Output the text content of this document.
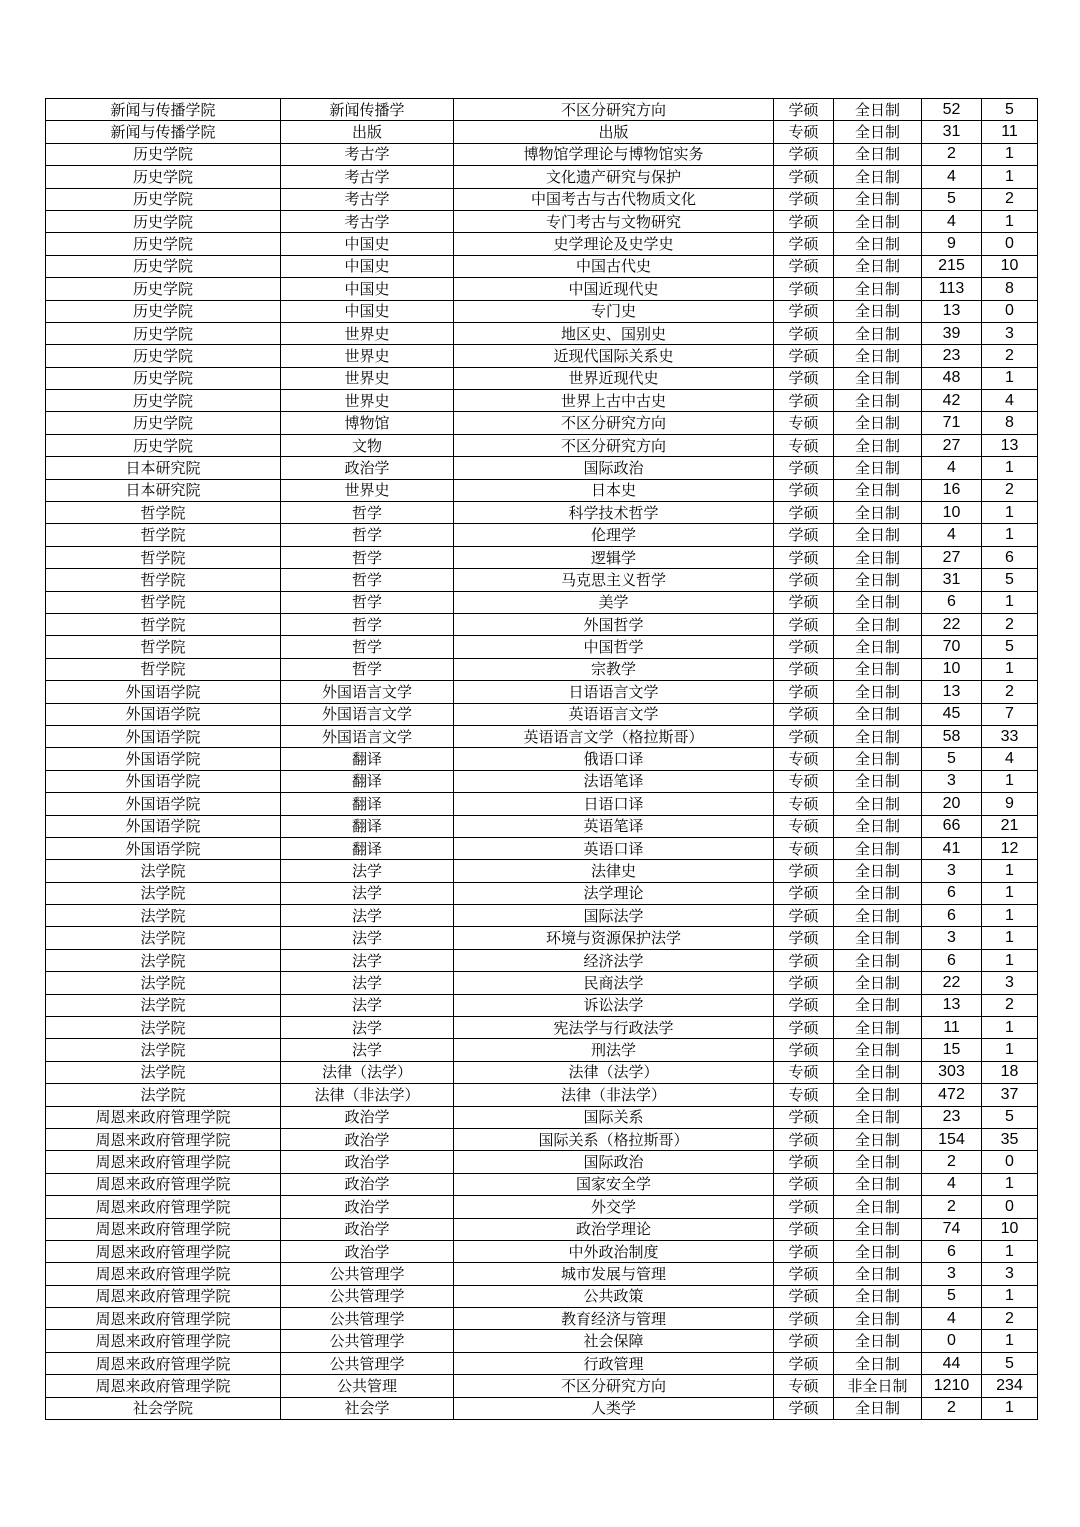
新闻与传播学院	新闻传播学	不区分研究方向	学硕	全日制	52	5
新闻与传播学院	出版	出版	专硕	全日制	31	11
历史学院	考古学	博物馆学理论与博物馆实务	学硕	全日制	2	1
历史学院	考古学	文化遗产研究与保护	学硕	全日制	4	1
历史学院	考古学	中国考古与古代物质文化	学硕	全日制	5	2
历史学院	考古学	专门考古与文物研究	学硕	全日制	4	1
历史学院	中国史	史学理论及史学史	学硕	全日制	9	0
历史学院	中国史	中国古代史	学硕	全日制	215	10
历史学院	中国史	中国近现代史	学硕	全日制	113	8
历史学院	中国史	专门史	学硕	全日制	13	0
历史学院	世界史	地区史、国别史	学硕	全日制	39	3
历史学院	世界史	近现代国际关系史	学硕	全日制	23	2
历史学院	世界史	世界近现代史	学硕	全日制	48	1
历史学院	世界史	世界上古中古史	学硕	全日制	42	4
历史学院	博物馆	不区分研究方向	专硕	全日制	71	8
历史学院	文物	不区分研究方向	专硕	全日制	27	13
日本研究院	政治学	国际政治	学硕	全日制	4	1
日本研究院	世界史	日本史	学硕	全日制	16	2
哲学院	哲学	科学技术哲学	学硕	全日制	10	1
哲学院	哲学	伦理学	学硕	全日制	4	1
哲学院	哲学	逻辑学	学硕	全日制	27	6
哲学院	哲学	马克思主义哲学	学硕	全日制	31	5
哲学院	哲学	美学	学硕	全日制	6	1
哲学院	哲学	外国哲学	学硕	全日制	22	2
哲学院	哲学	中国哲学	学硕	全日制	70	5
哲学院	哲学	宗教学	学硕	全日制	10	1
外国语学院	外国语言文学	日语语言文学	学硕	全日制	13	2
外国语学院	外国语言文学	英语语言文学	学硕	全日制	45	7
外国语学院	外国语言文学	英语语言文学（格拉斯哥）	学硕	全日制	58	33
外国语学院	翻译	俄语口译	专硕	全日制	5	4
外国语学院	翻译	法语笔译	专硕	全日制	3	1
外国语学院	翻译	日语口译	专硕	全日制	20	9
外国语学院	翻译	英语笔译	专硕	全日制	66	21
外国语学院	翻译	英语口译	专硕	全日制	41	12
法学院	法学	法律史	学硕	全日制	3	1
法学院	法学	法学理论	学硕	全日制	6	1
法学院	法学	国际法学	学硕	全日制	6	1
法学院	法学	环境与资源保护法学	学硕	全日制	3	1
法学院	法学	经济法学	学硕	全日制	6	1
法学院	法学	民商法学	学硕	全日制	22	3
法学院	法学	诉讼法学	学硕	全日制	13	2
法学院	法学	宪法学与行政法学	学硕	全日制	11	1
法学院	法学	刑法学	学硕	全日制	15	1
法学院	法律（法学）	法律（法学）	专硕	全日制	303	18
法学院	法律（非法学）	法律（非法学）	专硕	全日制	472	37
周恩来政府管理学院	政治学	国际关系	学硕	全日制	23	5
周恩来政府管理学院	政治学	国际关系（格拉斯哥）	学硕	全日制	154	35
周恩来政府管理学院	政治学	国际政治	学硕	全日制	2	0
周恩来政府管理学院	政治学	国家安全学	学硕	全日制	4	1
周恩来政府管理学院	政治学	外交学	学硕	全日制	2	0
周恩来政府管理学院	政治学	政治学理论	学硕	全日制	74	10
周恩来政府管理学院	政治学	中外政治制度	学硕	全日制	6	1
周恩来政府管理学院	公共管理学	城市发展与管理	学硕	全日制	3	3
周恩来政府管理学院	公共管理学	公共政策	学硕	全日制	5	1
周恩来政府管理学院	公共管理学	教育经济与管理	学硕	全日制	4	2
周恩来政府管理学院	公共管理学	社会保障	学硕	全日制	0	1
周恩来政府管理学院	公共管理学	行政管理	学硕	全日制	44	5
周恩来政府管理学院	公共管理	不区分研究方向	专硕	非全日制	1210	234
社会学院	社会学	人类学	学硕	全日制	2	1
